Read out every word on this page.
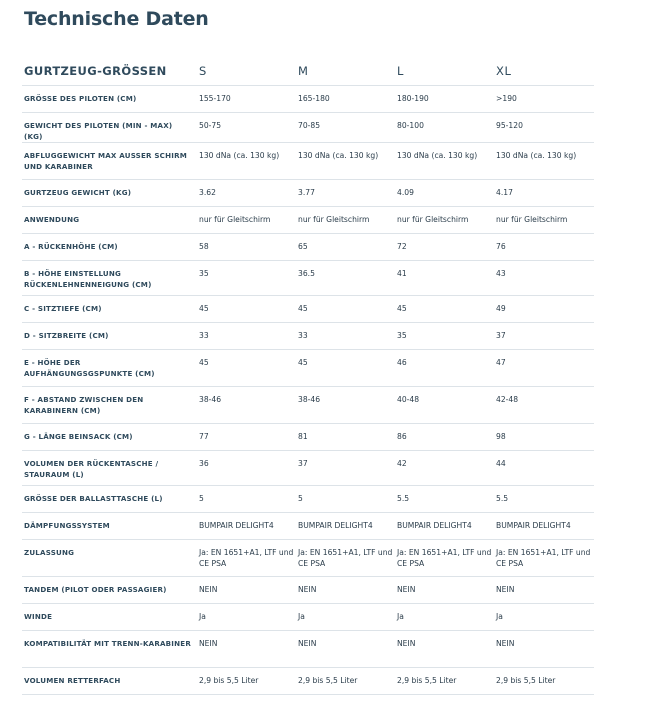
Technische Daten
GURTZEUG-GRÖSSEN	S	M	L	XL
GRÖSSE DES PILOTEN (CM)	155-170	165-180	180-190	>190
GEWICHT DES PILOTEN (MIN - MAX) (KG)	50-75	70-85	80-100	95-120
ABFLUGGEWICHT MAX AUSSER SCHIRM UND KARABINER	130 dNa (ca. 130 kg)	130 dNa (ca. 130 kg)	130 dNa (ca. 130 kg)	130 dNa (ca. 130 kg)
GURTZEUG GEWICHT (KG)	3.62	3.77	4.09	4.17
ANWENDUNG	nur für Gleitschirm	nur für Gleitschirm	nur für Gleitschirm	nur für Gleitschirm
A - RÜCKENHÖHE (CM)	58	65	72	76
B - HÖHE EINSTELLUNG RÜCKENLEHNENNEIGUNG (CM)	35	36.5	41	43
C - SITZTIEFE (CM)	45	45	45	49
D - SITZBREITE (CM)	33	33	35	37
E - HÖHE DER AUFHÄNGUNGSGSPUNKTE (CM)	45	45	46	47
F - ABSTAND ZWISCHEN DEN KARABINERN (CM)	38-46	38-46	40-48	42-48
G - LÄNGE BEINSACK (CM)	77	81	86	98
VOLUMEN DER RÜCKENTASCHE / STAURAUM (L)	36	37	42	44
GRÖSSE DER BALLASTTASCHE (L)	5	5	5.5	5.5
DÄMPFUNGSSYSTEM	BUMPAIR DELIGHT4	BUMPAIR DELIGHT4	BUMPAIR DELIGHT4	BUMPAIR DELIGHT4
ZULASSUNG	Ja: EN 1651+A1, LTF und CE PSA	Ja: EN 1651+A1, LTF und CE PSA	Ja: EN 1651+A1, LTF und CE PSA	Ja: EN 1651+A1, LTF und CE PSA
TANDEM (PILOT ODER PASSAGIER)	NEIN	NEIN	NEIN	NEIN
WINDE	Ja	Ja	Ja	Ja
KOMPATIBILITÄT MIT TRENN-KARABINER	NEIN	NEIN	NEIN	NEIN
VOLUMEN RETTERFACH	2,9 bis 5,5 Liter	2,9 bis 5,5 Liter	2,9 bis 5,5 Liter	2,9 bis 5,5 Liter
